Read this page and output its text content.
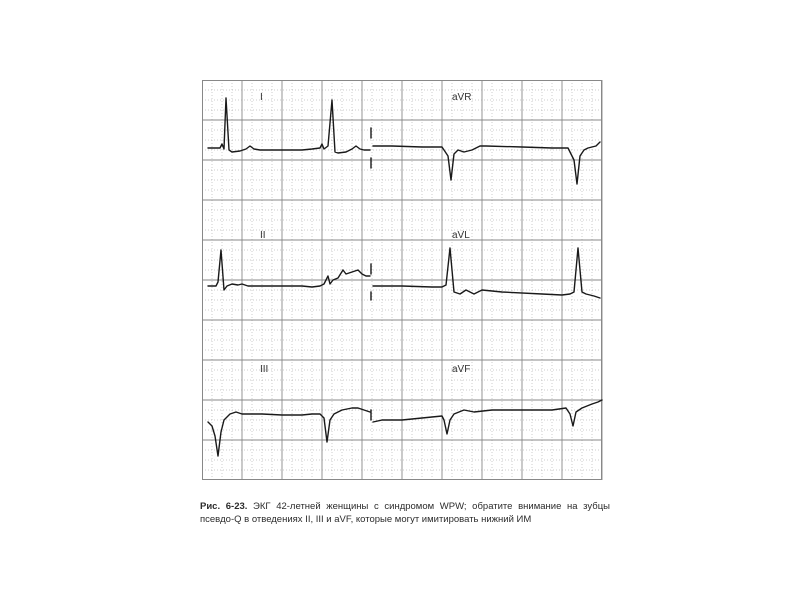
I	aVR
II	aVL
III	aVF
Рис. 6-23. ЭКГ 42-летней женщины с синдромом WPW; обратите внимание на зубцы псевдо-Q в отведениях II, III и aVF, которые могут имитировать нижний ИМ
